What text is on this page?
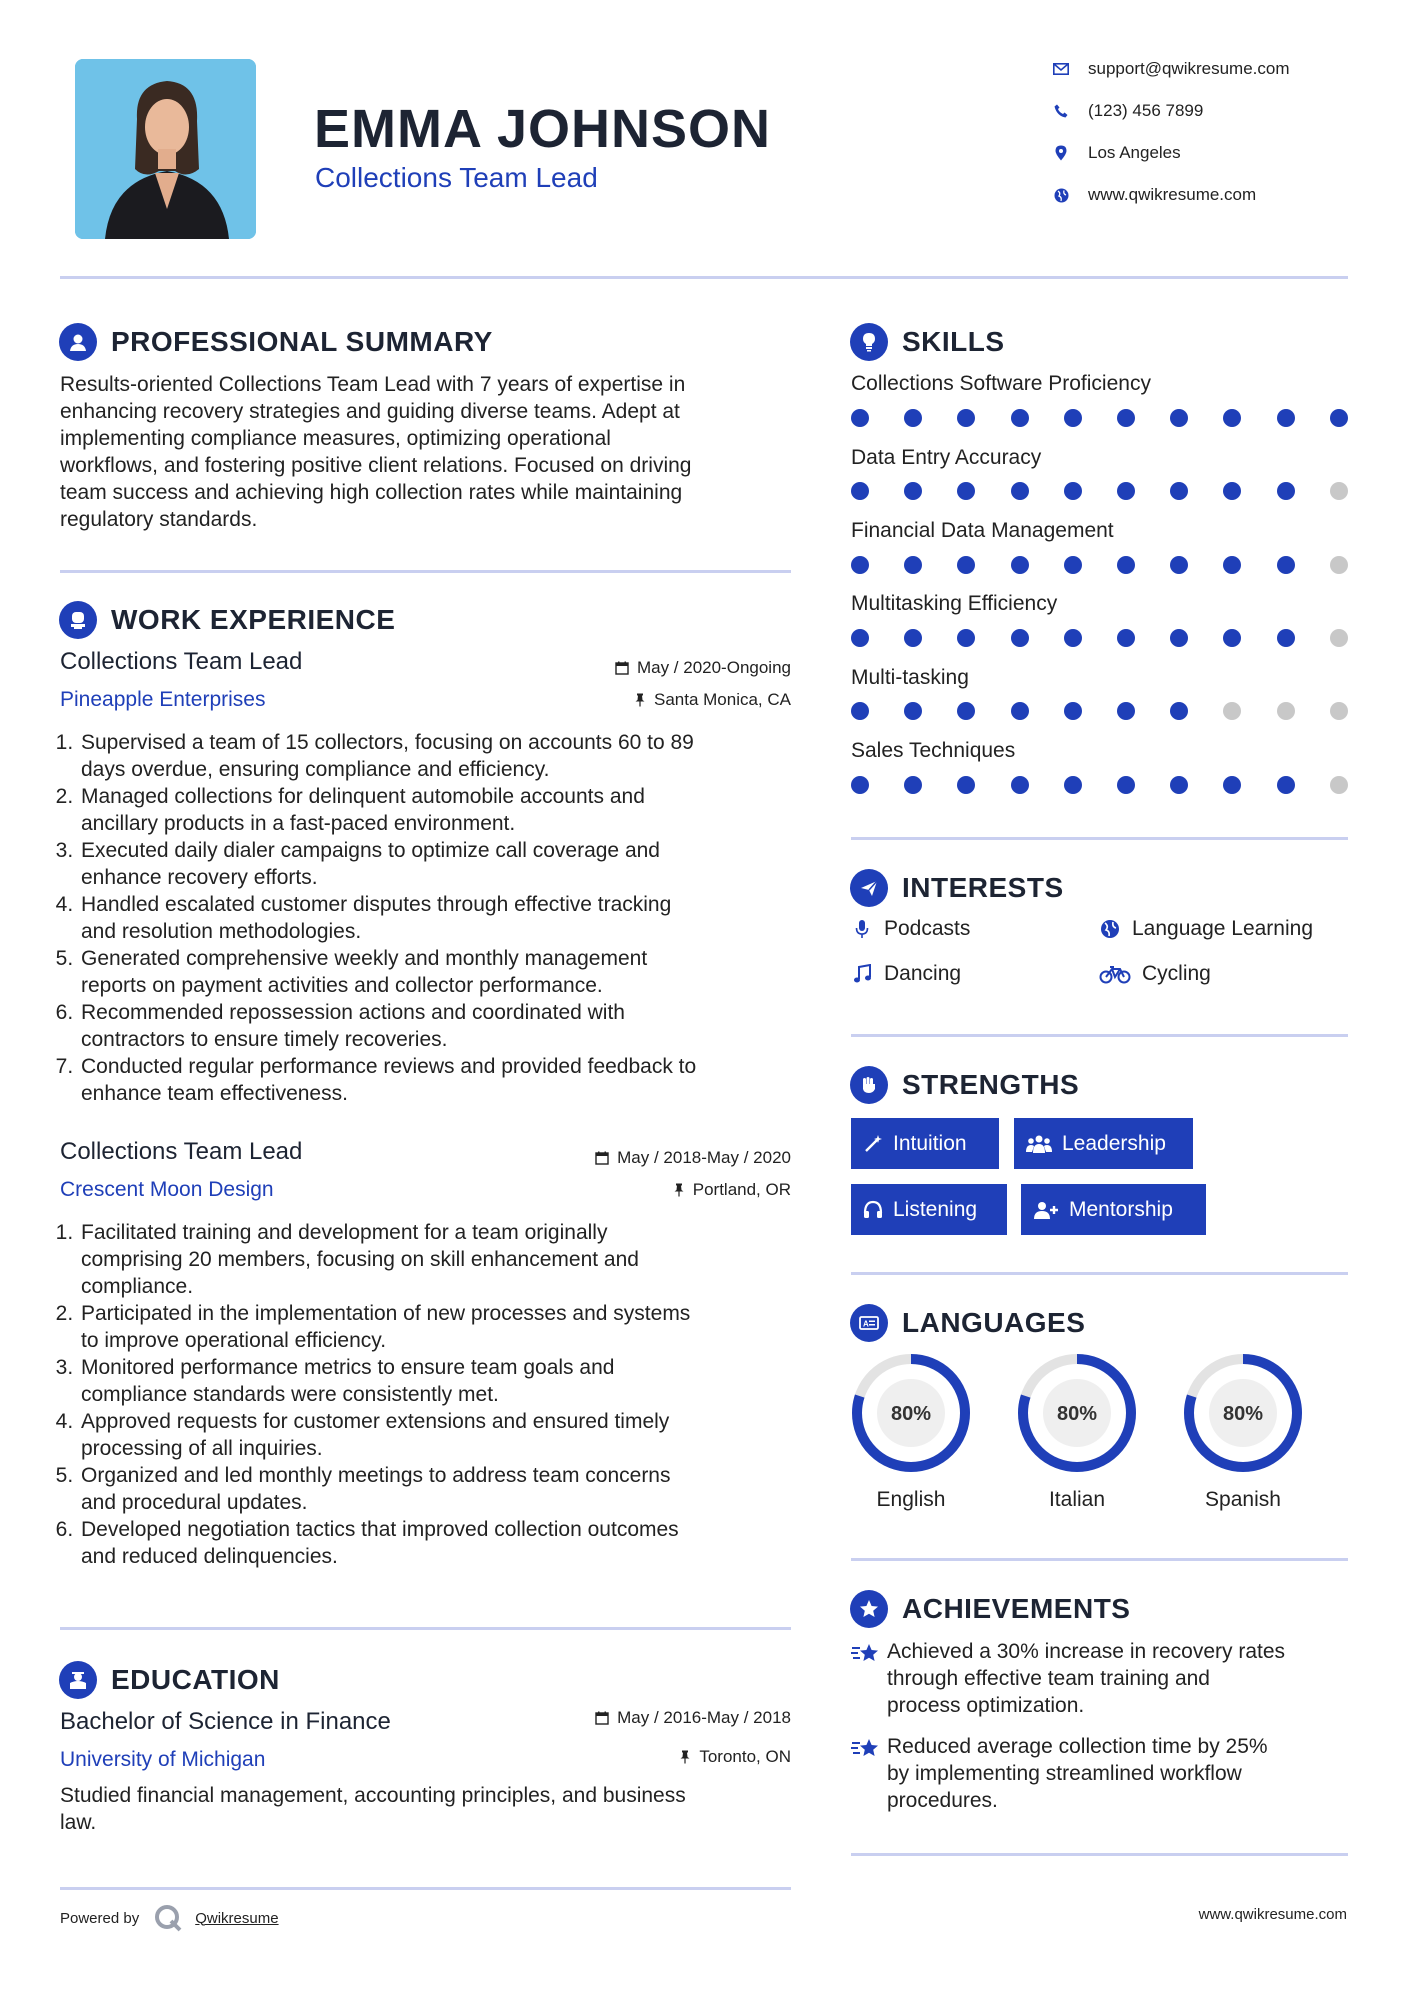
EMMA JOHNSON
Collections Team Lead
support@qwikresume.com
(123) 456 7899
Los Angeles
www.qwikresume.com
PROFESSIONAL SUMMARY
Results-oriented Collections Team Lead with 7 years of expertise in
enhancing recovery strategies and guiding diverse teams. Adept at
implementing compliance measures, optimizing operational
workflows, and fostering positive client relations. Focused on driving
team success and achieving high collection rates while maintaining
regulatory standards.
WORK EXPERIENCE
Collections Team Lead
Pineapple Enterprises
May / 2020-Ongoing
Santa Monica, CA
1. Supervised a team of 15 collectors, focusing on accounts 60 to 89
days overdue, ensuring compliance and efficiency.
2. Managed collections for delinquent automobile accounts and
ancillary products in a fast-paced environment.
3. Executed daily dialer campaigns to optimize call coverage and
enhance recovery efforts.
4. Handled escalated customer disputes through effective tracking
and resolution methodologies.
5. Generated comprehensive weekly and monthly management
reports on payment activities and collector performance.
6. Recommended repossession actions and coordinated with
contractors to ensure timely recoveries.
7. Conducted regular performance reviews and provided feedback to
enhance team effectiveness.
Collections Team Lead
Crescent Moon Design
May / 2018-May / 2020
Portland, OR
1. Facilitated training and development for a team originally
comprising 20 members, focusing on skill enhancement and
compliance.
2. Participated in the implementation of new processes and systems
to improve operational efficiency.
3. Monitored performance metrics to ensure team goals and
compliance standards were consistently met.
4. Approved requests for customer extensions and ensured timely
processing of all inquiries.
5. Organized and led monthly meetings to address team concerns
and procedural updates.
6. Developed negotiation tactics that improved collection outcomes
and reduced delinquencies.
EDUCATION
Bachelor of Science in Finance
University of Michigan
May / 2016-May / 2018
Toronto, ON
Studied financial management, accounting principles, and business
law.
SKILLS
Collections Software Proficiency
Data Entry Accuracy
Financial Data Management
Multitasking Efficiency
Multi-tasking
Sales Techniques
INTERESTS
Podcasts	Language Learning
Dancing	Cycling
STRENGTHS
Intuition	Leadership
Listening	Mentorship
A LANGUAGES
80%
English
80%
Italian
80%
Spanish
ACHIEVEMENTS
Achieved a 30% increase in recovery rates
through effective team training and
process optimization.
Reduced average collection time by 25%
by implementing streamlined workflow
procedures.
Powered by	Qwikresume	www.qwikresume.com
